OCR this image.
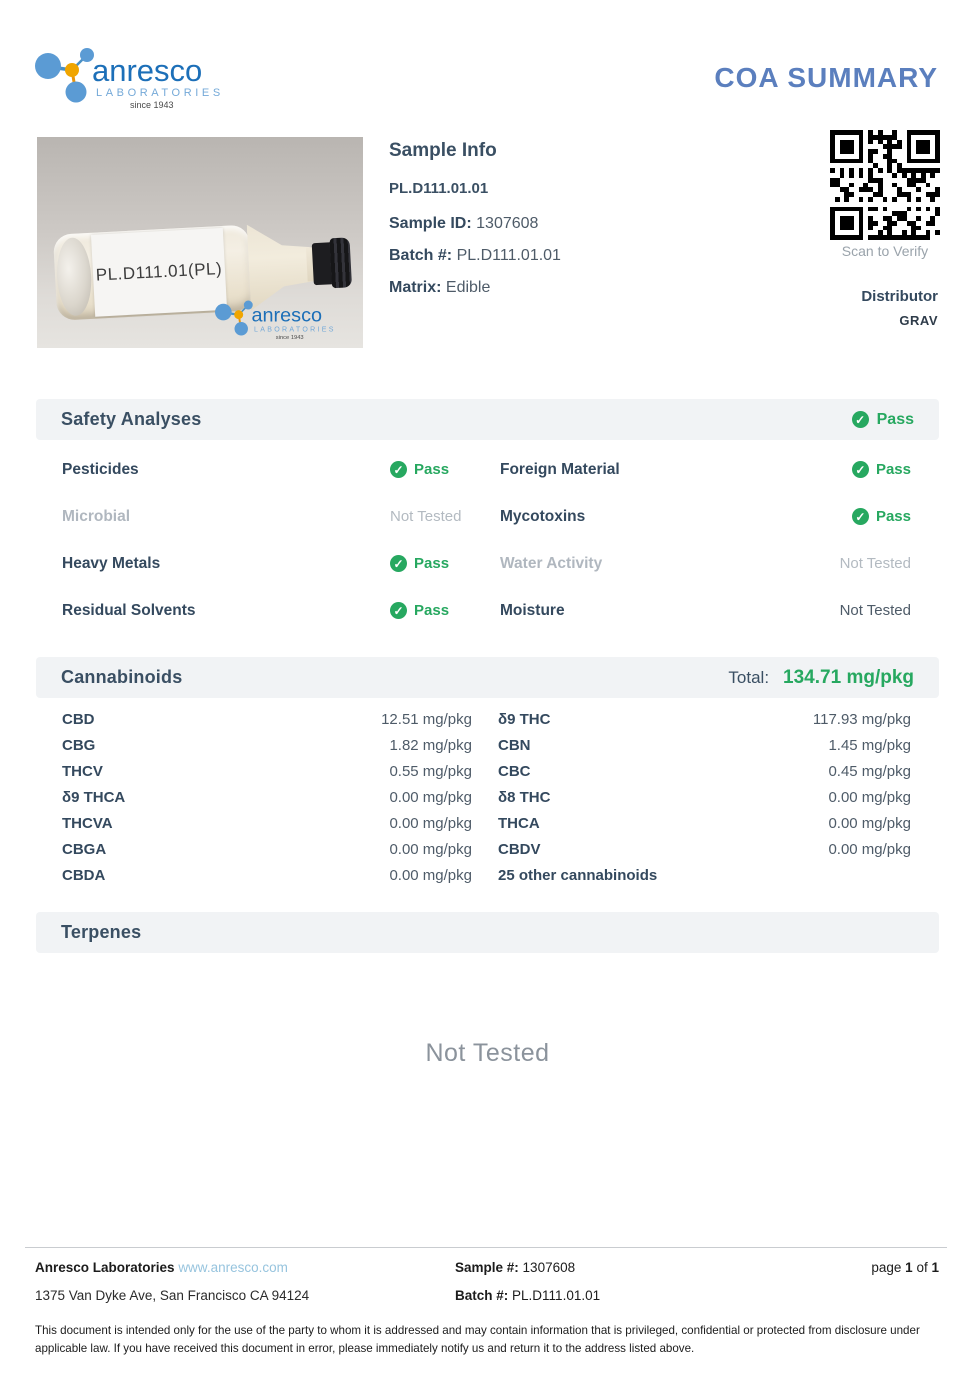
anresco
LABORATORIES
since 1943
COA SUMMARY
PL.D111.01(PL)
anresco
LABORATORIES
since 1943
Sample Info
PL.D111.01.01
Sample ID: 1307608
Batch #: PL.D111.01.01
Matrix: Edible
Scan to Verify
Distributor
GRAV
Safety Analyses	✓ Pass
Pesticides	✓ Pass	Foreign Material	✓ Pass
Microbial	Not Tested Mycotoxins	✓ Pass
Heavy Metals	✓ Pass	Water Activity	Not Tested
Residual Solvents	✓ Pass	Moisture	Not Tested
Cannabinoids	Total: 134.71 mg/pkg
CBD	12.51 mg/pkg	δ9 THC	117.93 mg/pkg
CBG	1.82 mg/pkg	CBN	1.45 mg/pkg
THCV	0.55 mg/pkg	CBC	0.45 mg/pkg
δ9 THCA	0.00 mg/pkg	δ8 THC	0.00 mg/pkg
THCVA	0.00 mg/pkg	THCA	0.00 mg/pkg
CBGA	0.00 mg/pkg	CBDV	0.00 mg/pkg
CBDA	0.00 mg/pkg	25 other cannabinoids
Terpenes
Not Tested
Anresco Laboratories www.anresco.com	Sample #: 1307608	page 1 of 1
1375 Van Dyke Ave, San Francisco CA 94124	Batch #: PL.D111.01.01
This document is intended only for the use of the party to whom it is addressed and may contain information that is privileged, confidential or protected from disclosure under applicable law. If you have received this document in error, please immediately notify us and return it to the address listed above.
